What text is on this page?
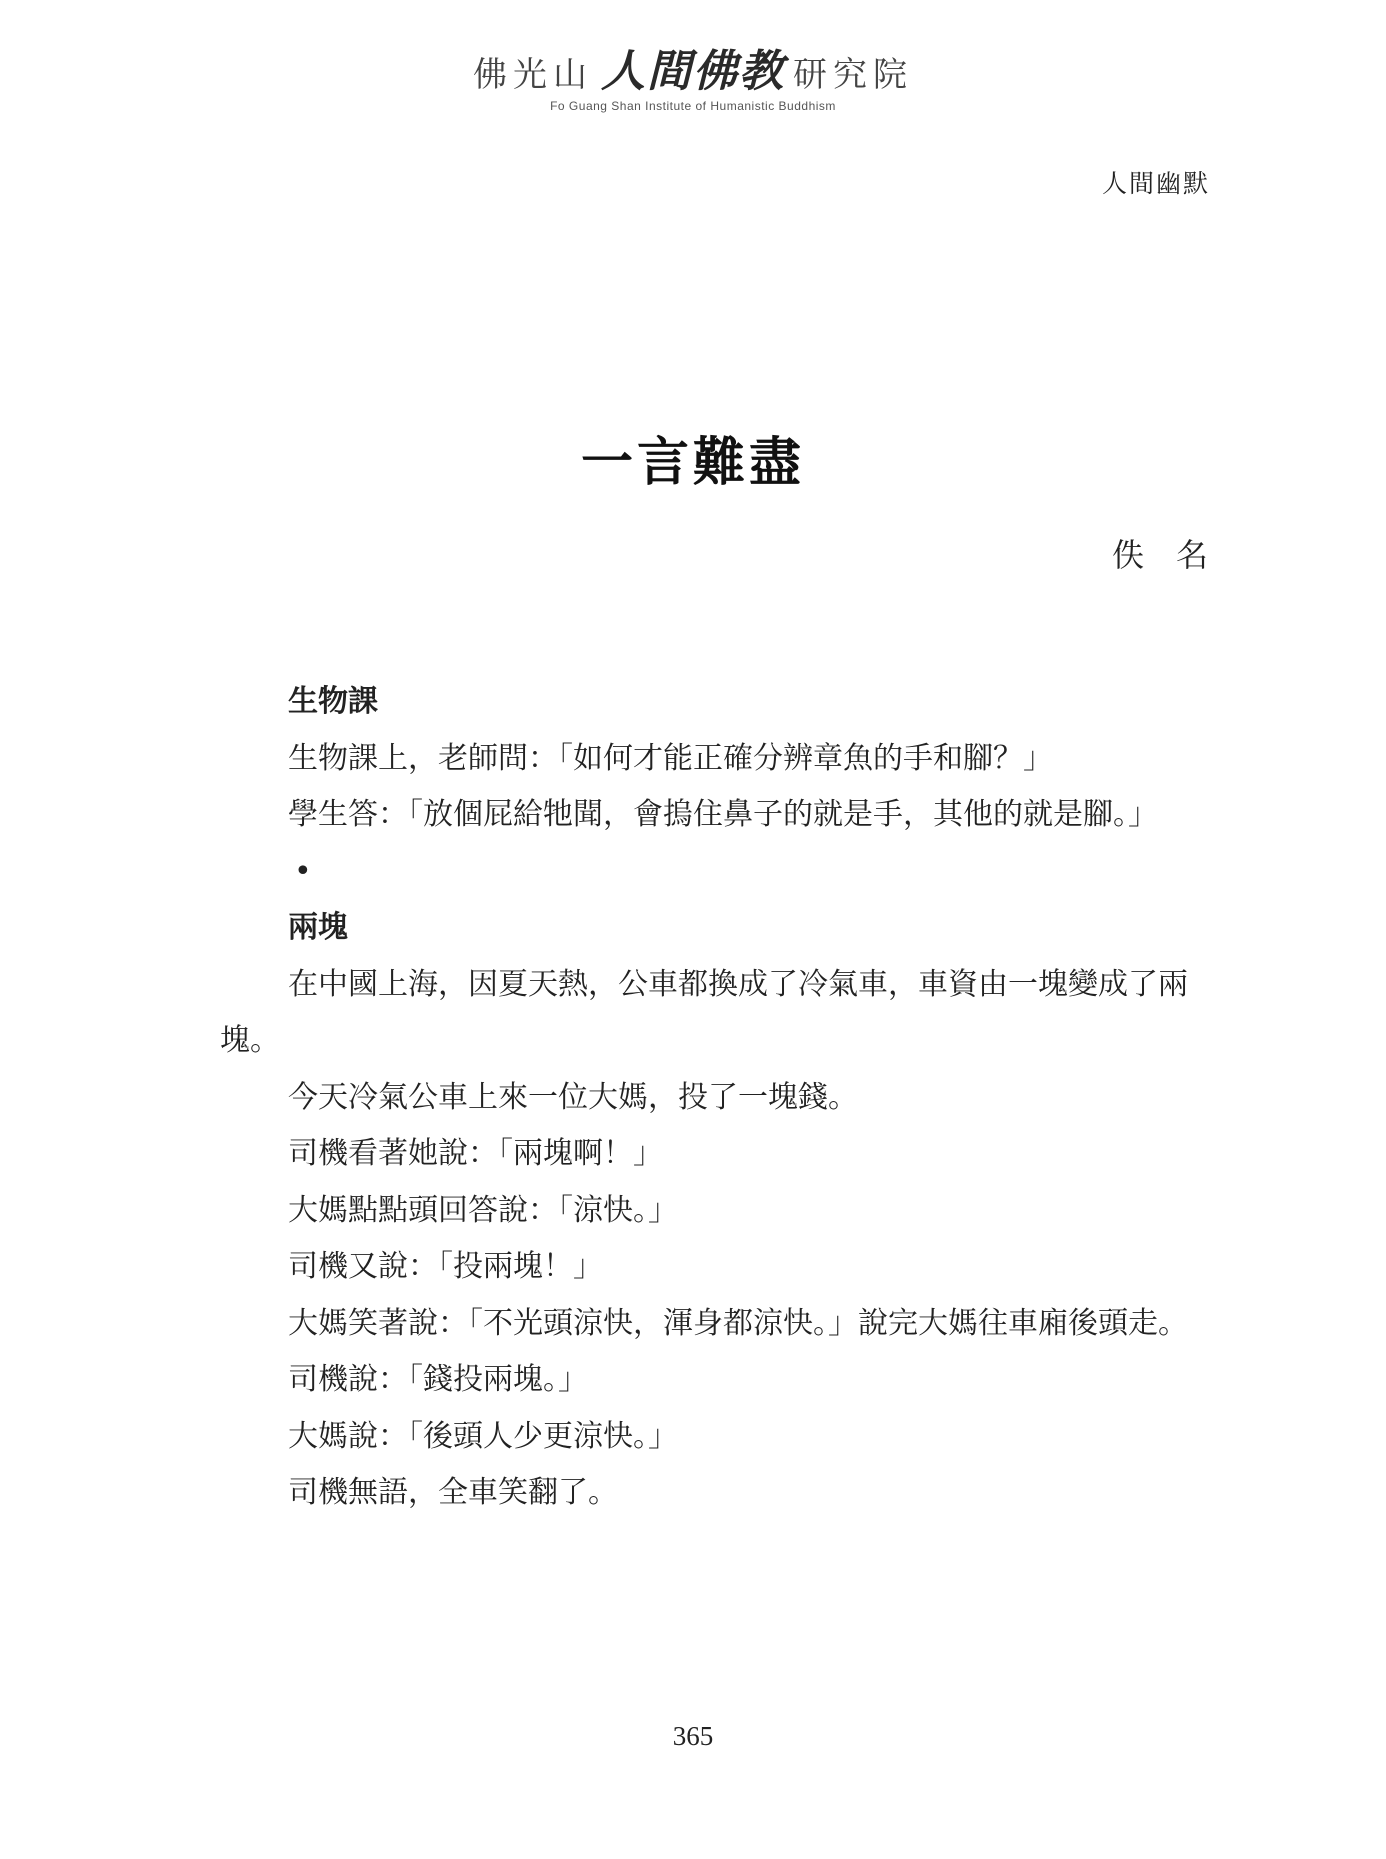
佛光山 人間佛教 研究院
Fo Guang Shan Institute of Humanistic Buddhism
人間幽默
一言難盡
佚　名

生物課

生物課上，老師問：「如何才能正確分辨章魚的手和腳？」

學生答：「放個屁給牠聞，會摀住鼻子的就是手，其他的就是腳。」

•

兩塊

在中國上海，因夏天熱，公車都換成了冷氣車，車資由一塊變成了兩塊。

今天冷氣公車上來一位大媽，投了一塊錢。

司機看著她說：「兩塊啊！」

大媽點點頭回答說：「涼快。」

司機又說：「投兩塊！」

大媽笑著說：「不光頭涼快，渾身都涼快。」說完大媽往車廂後頭走。

司機說：「錢投兩塊。」

大媽說：「後頭人少更涼快。」

司機無語，全車笑翻了。

365
